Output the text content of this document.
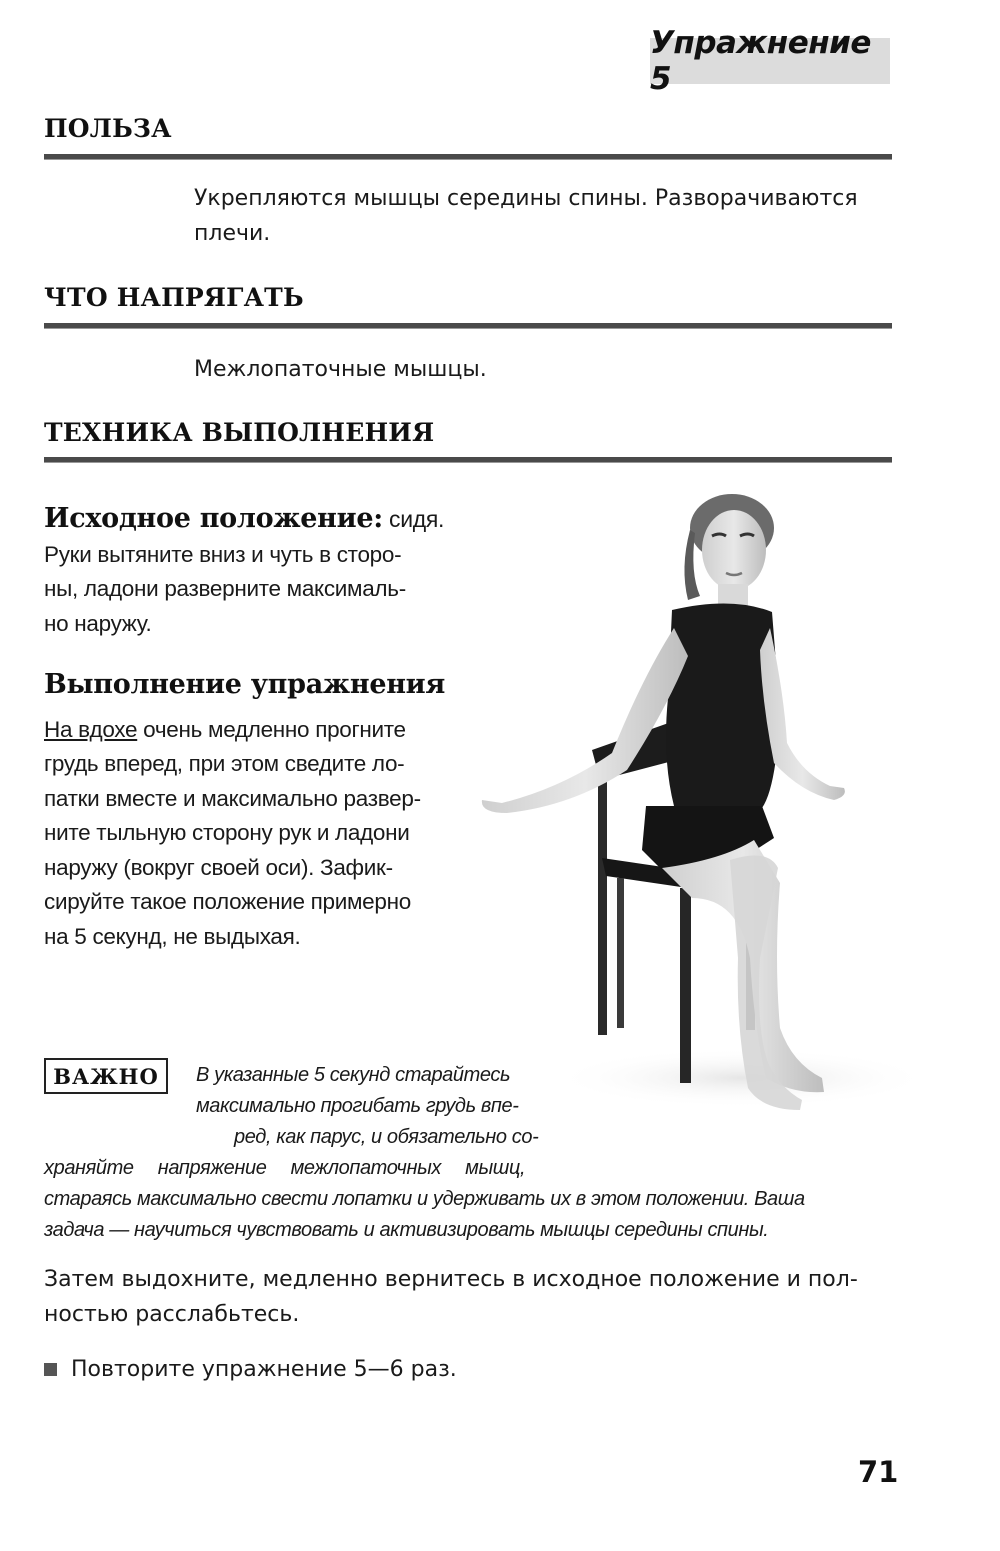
Упражнение 5
ПОЛЬЗА
Укрепляются мышцы середины спины. Разворачиваются
плечи.
ЧТО НАПРЯГАТЬ
Межлопаточные мышцы.
ТЕХНИКА ВЫПОЛНЕНИЯ
Исходное положение: сидя.
Руки вытяните вниз и чуть в сторо-
ны, ладони разверните максималь-
но наружу.
Выполнение упражнения
На вдохе очень медленно прогните
грудь вперед, при этом сведите ло-
патки вместе и максимально развер-
ните тыльную сторону рук и ладони
наружу (вокруг своей оси). Зафик-
сируйте такое положение примерно
на 5 секунд, не выдыхая.
ВАЖНО	В указанные 5 секунд старайтесь
максимально прогибать грудь впе-
ред, как парус, и обязательно со-
храняйте напряжение межлопаточных мышц,
стараясь максимально свести лопатки и удерживать их в этом положении. Ваша
задача — научиться чувствовать и активизировать мышцы середины спины.
Затем выдохните, медленно вернитесь в исходное положение и пол-
ностью расслабьтесь.
Повторите упражнение 5—6 раз.
71
